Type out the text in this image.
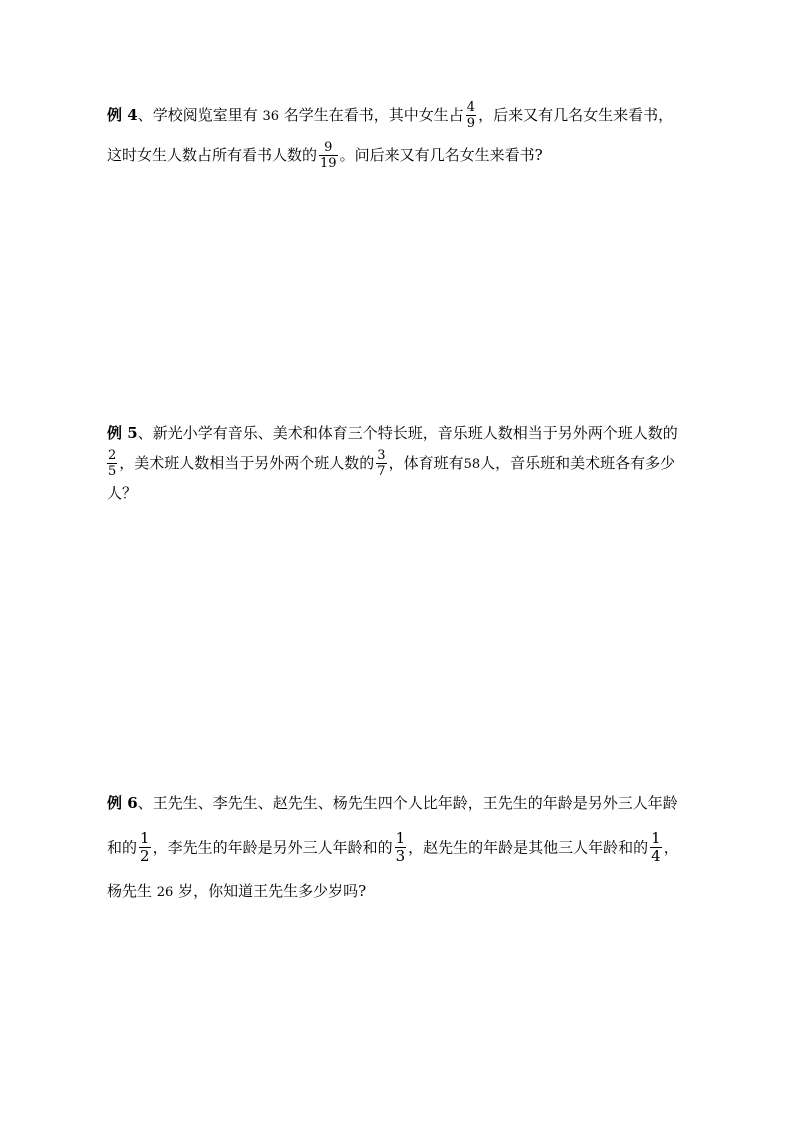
例 4、学校阅览室里有 36 名学生在看书，其中女生占 $\frac{4}{9}$ ，后来又有几名女生来看书，
这时女生人数占所有看书人数的 $\frac{9}{19}$ 。问后来又有几名女生来看书?
例 5、新光小学有音乐、美术和体育三个特长班，音乐班人数相当于另外两个班人数的
$\frac{2}{5}$ ，美术班人数相当于另外两个班人数的 $\frac{3}{7}$ ，体育班有58人，音乐班和美术班各有多少
人？
例 6、王先生、李先生、赵先生、杨先生四个人比年龄，王先生的年龄是另外三人年龄
和的 $\frac{1}{2}$ ，李先生的年龄是另外三人年龄和的 $\frac{1}{3}$ ，赵先生的年龄是其他三人年龄和的 $\frac{1}{4}$ ，
杨先生 26 岁，你知道王先生多少岁吗?
